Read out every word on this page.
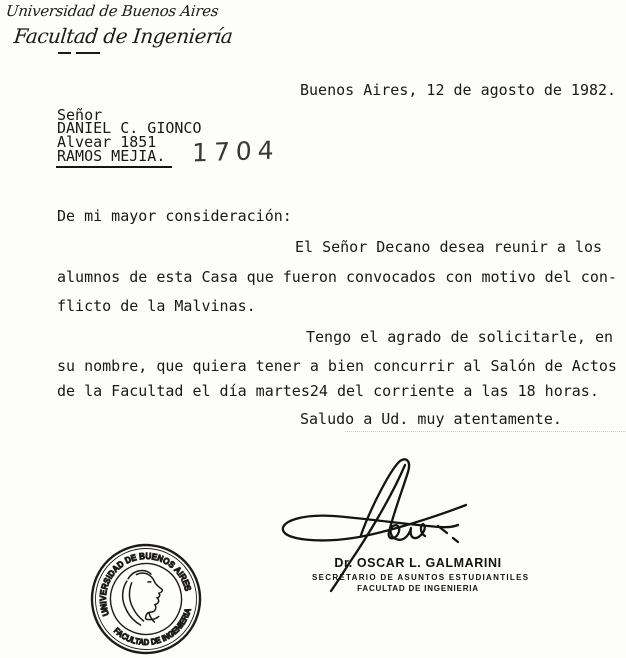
Universidad de Buenos Aires
Facultad de Ingeniería
Buenos Aires, 12 de agosto de 1982.
Señor
DANIEL C. GIONCO
Alvear 1851
RAMOS MEJIA. 1704
De mi mayor consideración:
El Señor Decano desea reunir a los
alumnos de esta Casa que fueron convocados con motivo del con-
flicto de la Malvinas.
Tengo el agrado de solicitarle, en
su nombre, que quiera tener a bien concurrir al Salón de Actos
de la Facultad el día martes24 del corriente a las 18 horas.
Saludo a Ud. muy atentamente.
Dr. OSCAR L. GALMARINI
SECRETARIO DE ASUNTOS ESTUDIANTILES
FACULTAD DE INGENIERIA
UNIVERSIDAD DE BUENOS AIRES
FACULTAD DE INGENIERIA
